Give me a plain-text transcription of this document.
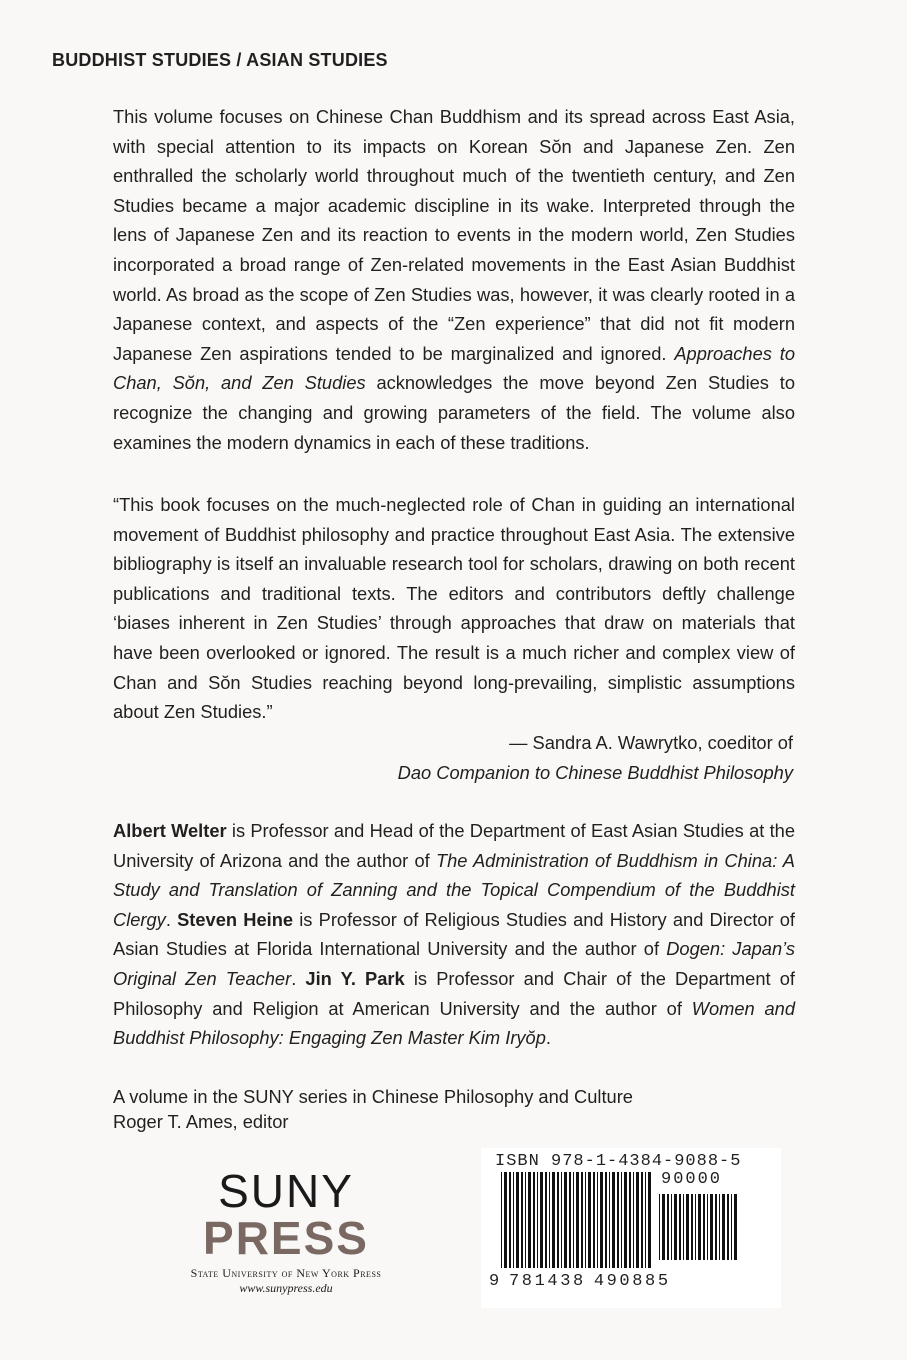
BUDDHIST STUDIES / ASIAN STUDIES

This volume focuses on Chinese Chan Buddhism and its spread across East Asia, with special attention to its impacts on Korean Sŏn and Japanese Zen. Zen enthralled the scholarly world throughout much of the twentieth century, and Zen Studies became a major academic discipline in its wake. Interpreted through the lens of Japanese Zen and its reaction to events in the modern world, Zen Studies incorporated a broad range of Zen-related movements in the East Asian Buddhist world. As broad as the scope of Zen Studies was, however, it was clearly rooted in a Japanese context, and aspects of the “Zen experience” that did not fit modern Japanese Zen aspirations tended to be marginalized and ignored. Approaches to Chan, Sŏn, and Zen Studies acknowledges the move beyond Zen Studies to recognize the changing and growing parameters of the field. The volume also examines the modern dynamics in each of these traditions.

“This book focuses on the much-neglected role of Chan in guiding an international movement of Buddhist philosophy and practice throughout East Asia. The extensive bibliography is itself an invaluable research tool for scholars, drawing on both recent publications and traditional texts. The editors and contributors deftly challenge ‘biases inherent in Zen Studies’ through approaches that draw on materials that have been overlooked or ignored. The result is a much richer and complex view of Chan and Sŏn Studies reaching beyond long-prevailing, simplistic assumptions about Zen Studies.”

— Sandra A. Wawrytko, coeditor of
Dao Companion to Chinese Buddhist Philosophy

Albert Welter is Professor and Head of the Department of East Asian Studies at the University of Arizona and the author of The Administration of Buddhism in China: A Study and Translation of Zanning and the Topical Compendium of the Buddhist Clergy. Steven Heine is Professor of Religious Studies and History and Director of Asian Studies at Florida International University and the author of Dogen: Japan’s Original Zen Teacher. Jin Y. Park is Professor and Chair of the Department of Philosophy and Religion at American University and the author of Women and Buddhist Philosophy: Engaging Zen Master Kim Iryŏp.

A volume in the SUNY series in Chinese Philosophy and Culture
Roger T. Ames, editor
SUNY
PRESS
State University of New York Press
www.sunypress.edu
ISBN 978-1-4384-9088-5
90000
9 781438 490885
